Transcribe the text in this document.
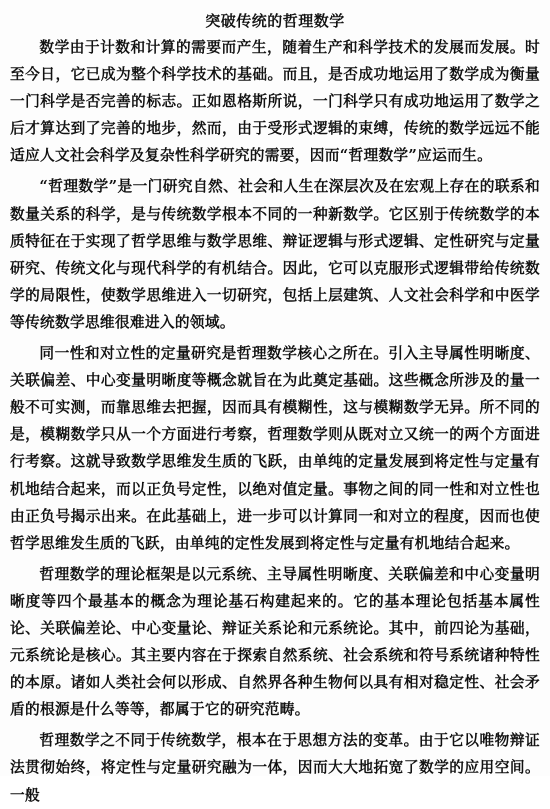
突破传统的哲理数学

数学由于计数和计算的需要而产生，随着生产和科学技术的发展而发展。时至今日，它已成为整个科学技术的基础。而且，是否成功地运用了数学成为衡量一门科学是否完善的标志。正如恩格斯所说，一门科学只有成功地运用了数学之后才算达到了完善的地步，然而，由于受形式逻辑的束缚，传统的数学远远不能适应人文社会科学及复杂性科学研究的需要，因而“哲理数学”应运而生。

“哲理数学”是一门研究自然、社会和人生在深层次及在宏观上存在的联系和数量关系的科学，是与传统数学根本不同的一种新数学。它区别于传统数学的本质特征在于实现了哲学思维与数学思维、辩证逻辑与形式逻辑、定性研究与定量研究、传统文化与现代科学的有机结合。因此，它可以克服形式逻辑带给传统数学的局限性，使数学思维进入一切研究，包括上层建筑、人文社会科学和中医学等传统数学思维很难进入的领域。

同一性和对立性的定量研究是哲理数学核心之所在。引入主导属性明晰度、关联偏差、中心变量明晰度等概念就旨在为此奠定基础。这些概念所涉及的量一般不可实测，而靠思维去把握，因而具有模糊性，这与模糊数学无异。所不同的是，模糊数学只从一个方面进行考察，哲理数学则从既对立又统一的两个方面进行考察。这就导致数学思维发生质的飞跃，由单纯的定量发展到将定性与定量有机地结合起来，而以正负号定性，以绝对值定量。事物之间的同一性和对立性也由正负号揭示出来。在此基础上，进一步可以计算同一和对立的程度，因而也使哲学思维发生质的飞跃，由单纯的定性发展到将定性与定量有机地结合起来。

哲理数学的理论框架是以元系统、主导属性明晰度、关联偏差和中心变量明晰度等四个最基本的概念为理论基石构建起来的。它的基本理论包括基本属性论、关联偏差论、中心变量论、辩证关系论和元系统论。其中，前四论为基础，元系统论是核心。其主要内容在于探索自然系统、社会系统和符号系统诸种特性的本原。诸如人类社会何以形成、自然界各种生物何以具有相对稳定性、社会矛盾的根源是什么等等，都属于它的研究范畴。

哲理数学之不同于传统数学，根本在于思想方法的变革。由于它以唯物辩证法贯彻始终，将定性与定量研究融为一体，因而大大地拓宽了数学的应用空间。一般
